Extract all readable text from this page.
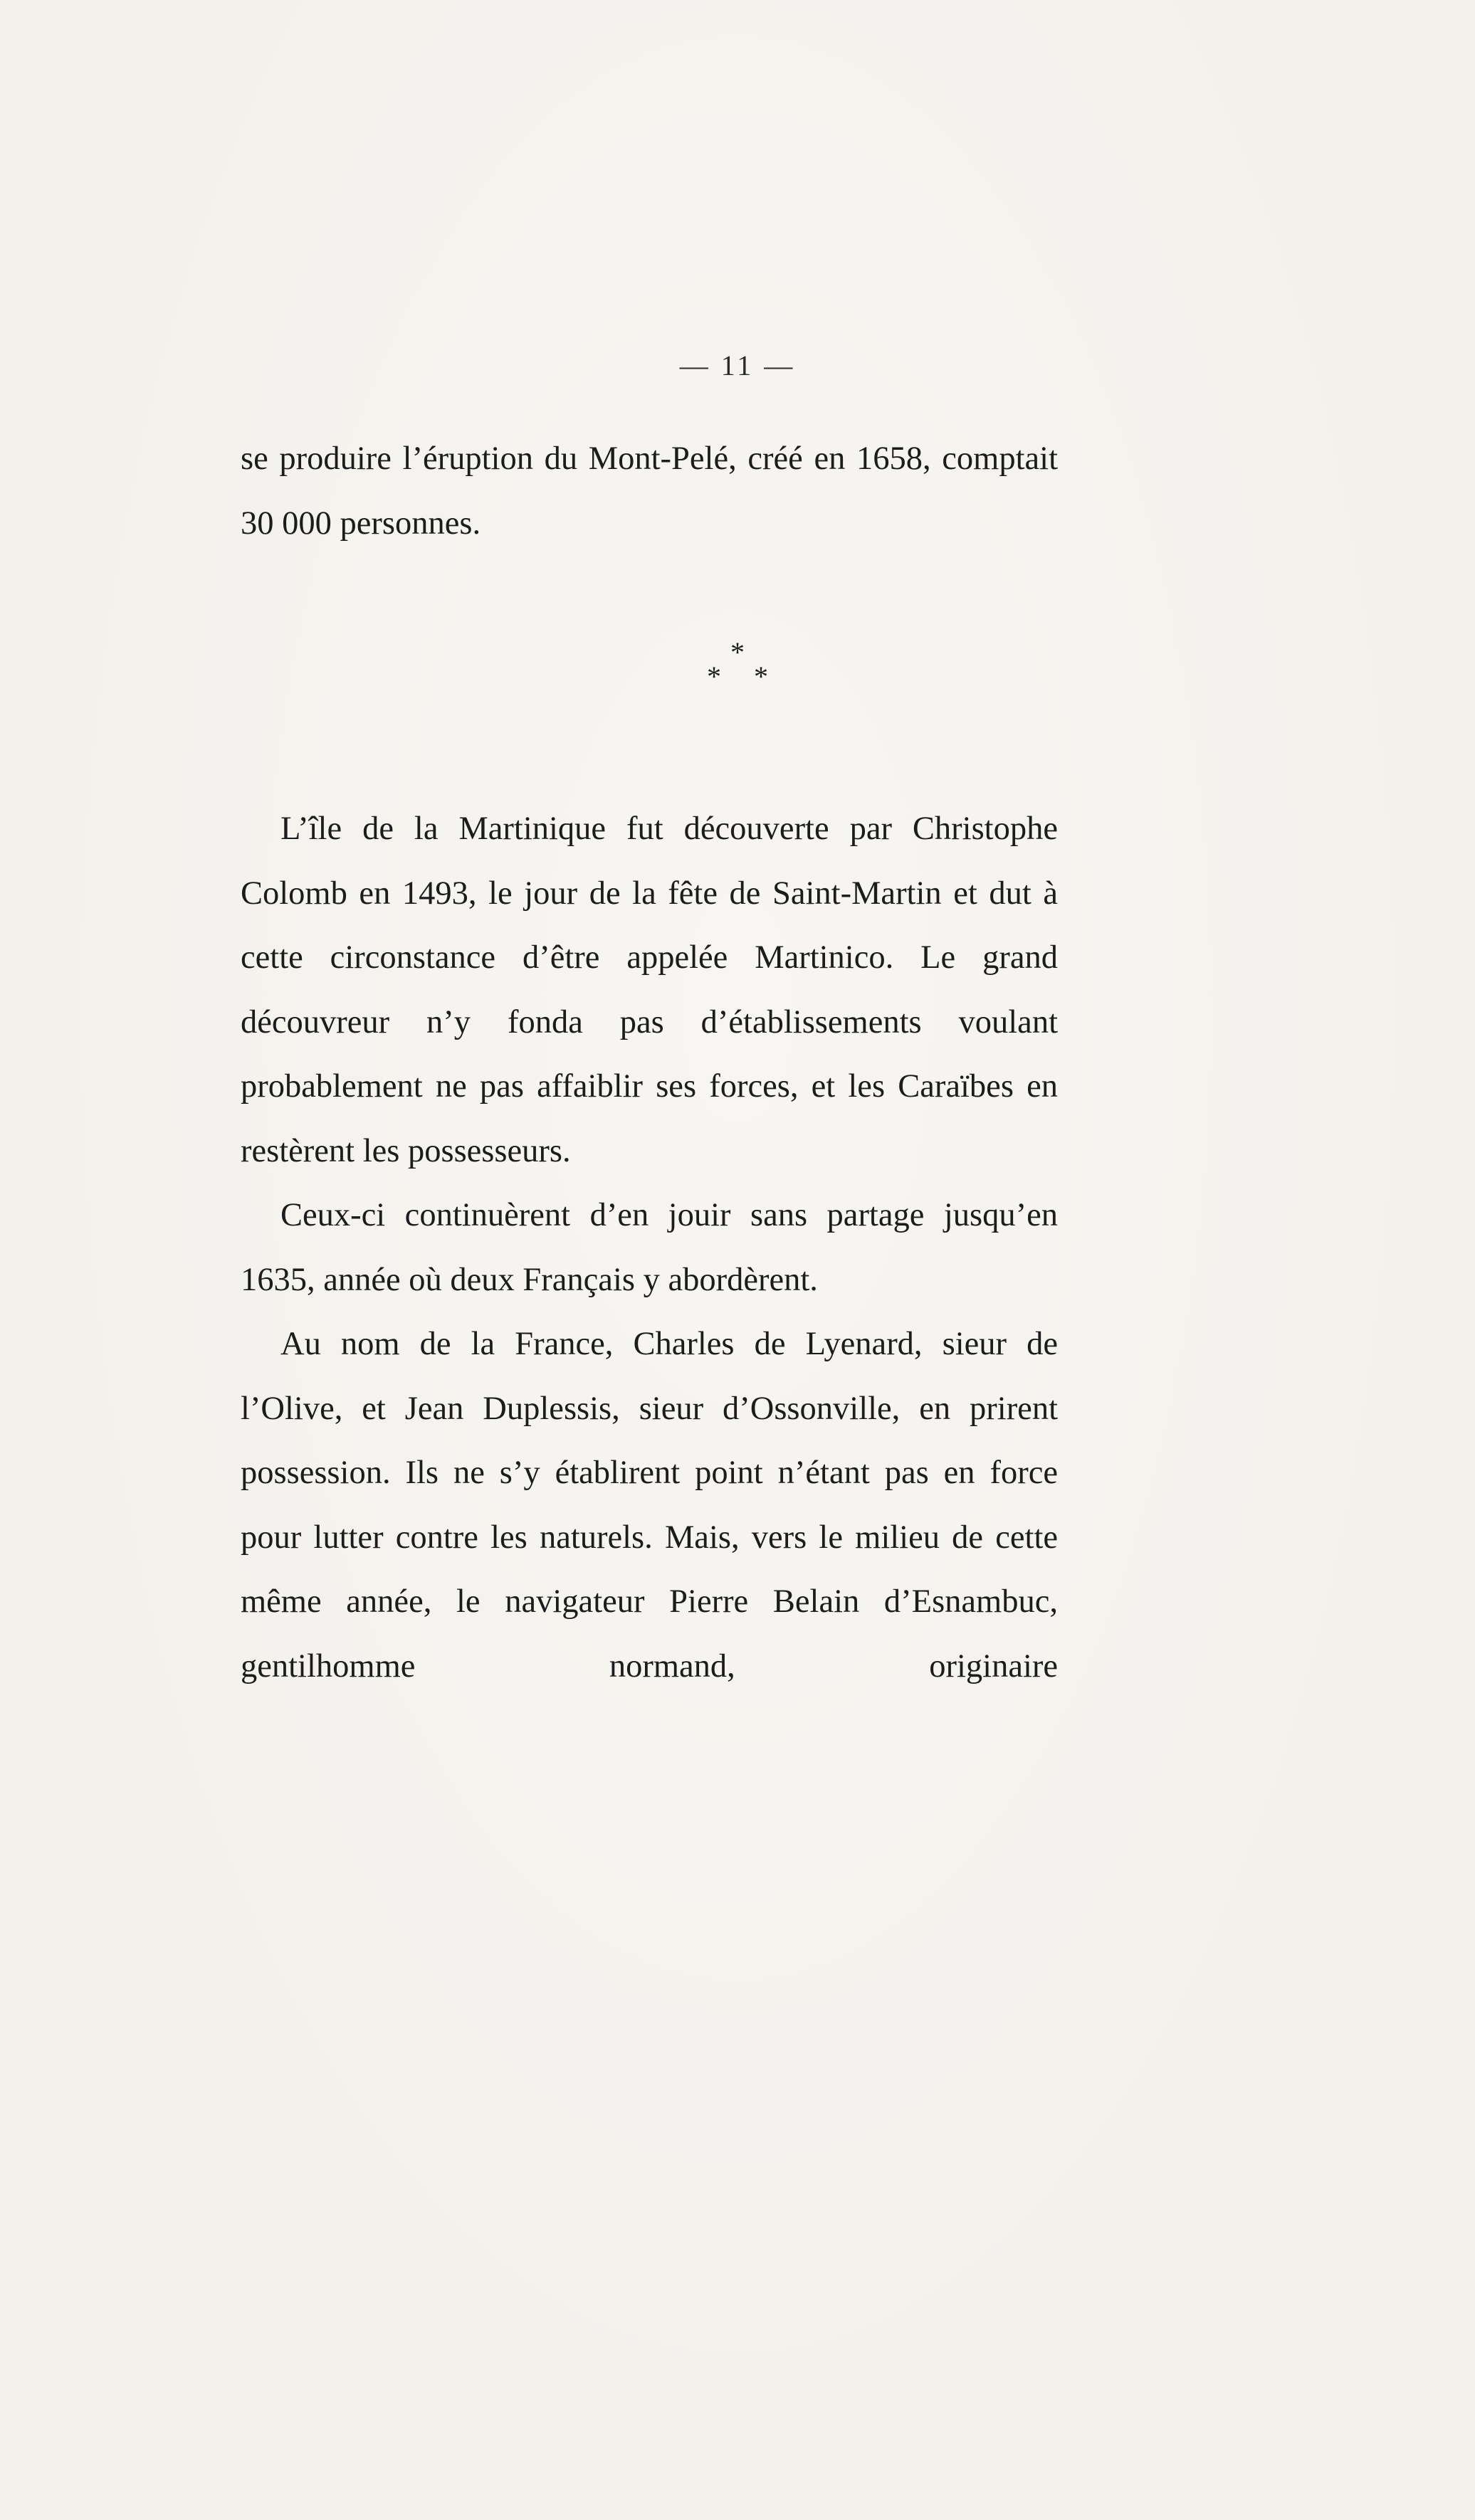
— 11 —

se produire l’éruption du Mont-Pelé, créé en 1658, comptait 30 000 personnes.

*
* *

L’île de la Martinique fut découverte par Christophe Colomb en 1493, le jour de la fête de Saint-Martin et dut à cette circonstance d’être appelée Martinico. Le grand découvreur n’y fonda pas d’établissements voulant probablement ne pas affaiblir ses forces, et les Caraïbes en restèrent les possesseurs.

Ceux-ci continuèrent d’en jouir sans partage jusqu’en 1635, année où deux Français y abordèrent.

Au nom de la France, Charles de Lyenard, sieur de l’Olive, et Jean Duplessis, sieur d’Ossonville, en prirent possession. Ils ne s’y établirent point n’étant pas en force pour lutter contre les naturels. Mais, vers le milieu de cette même année, le navigateur Pierre Belain d’Esnambuc, gentilhomme normand, originaire
